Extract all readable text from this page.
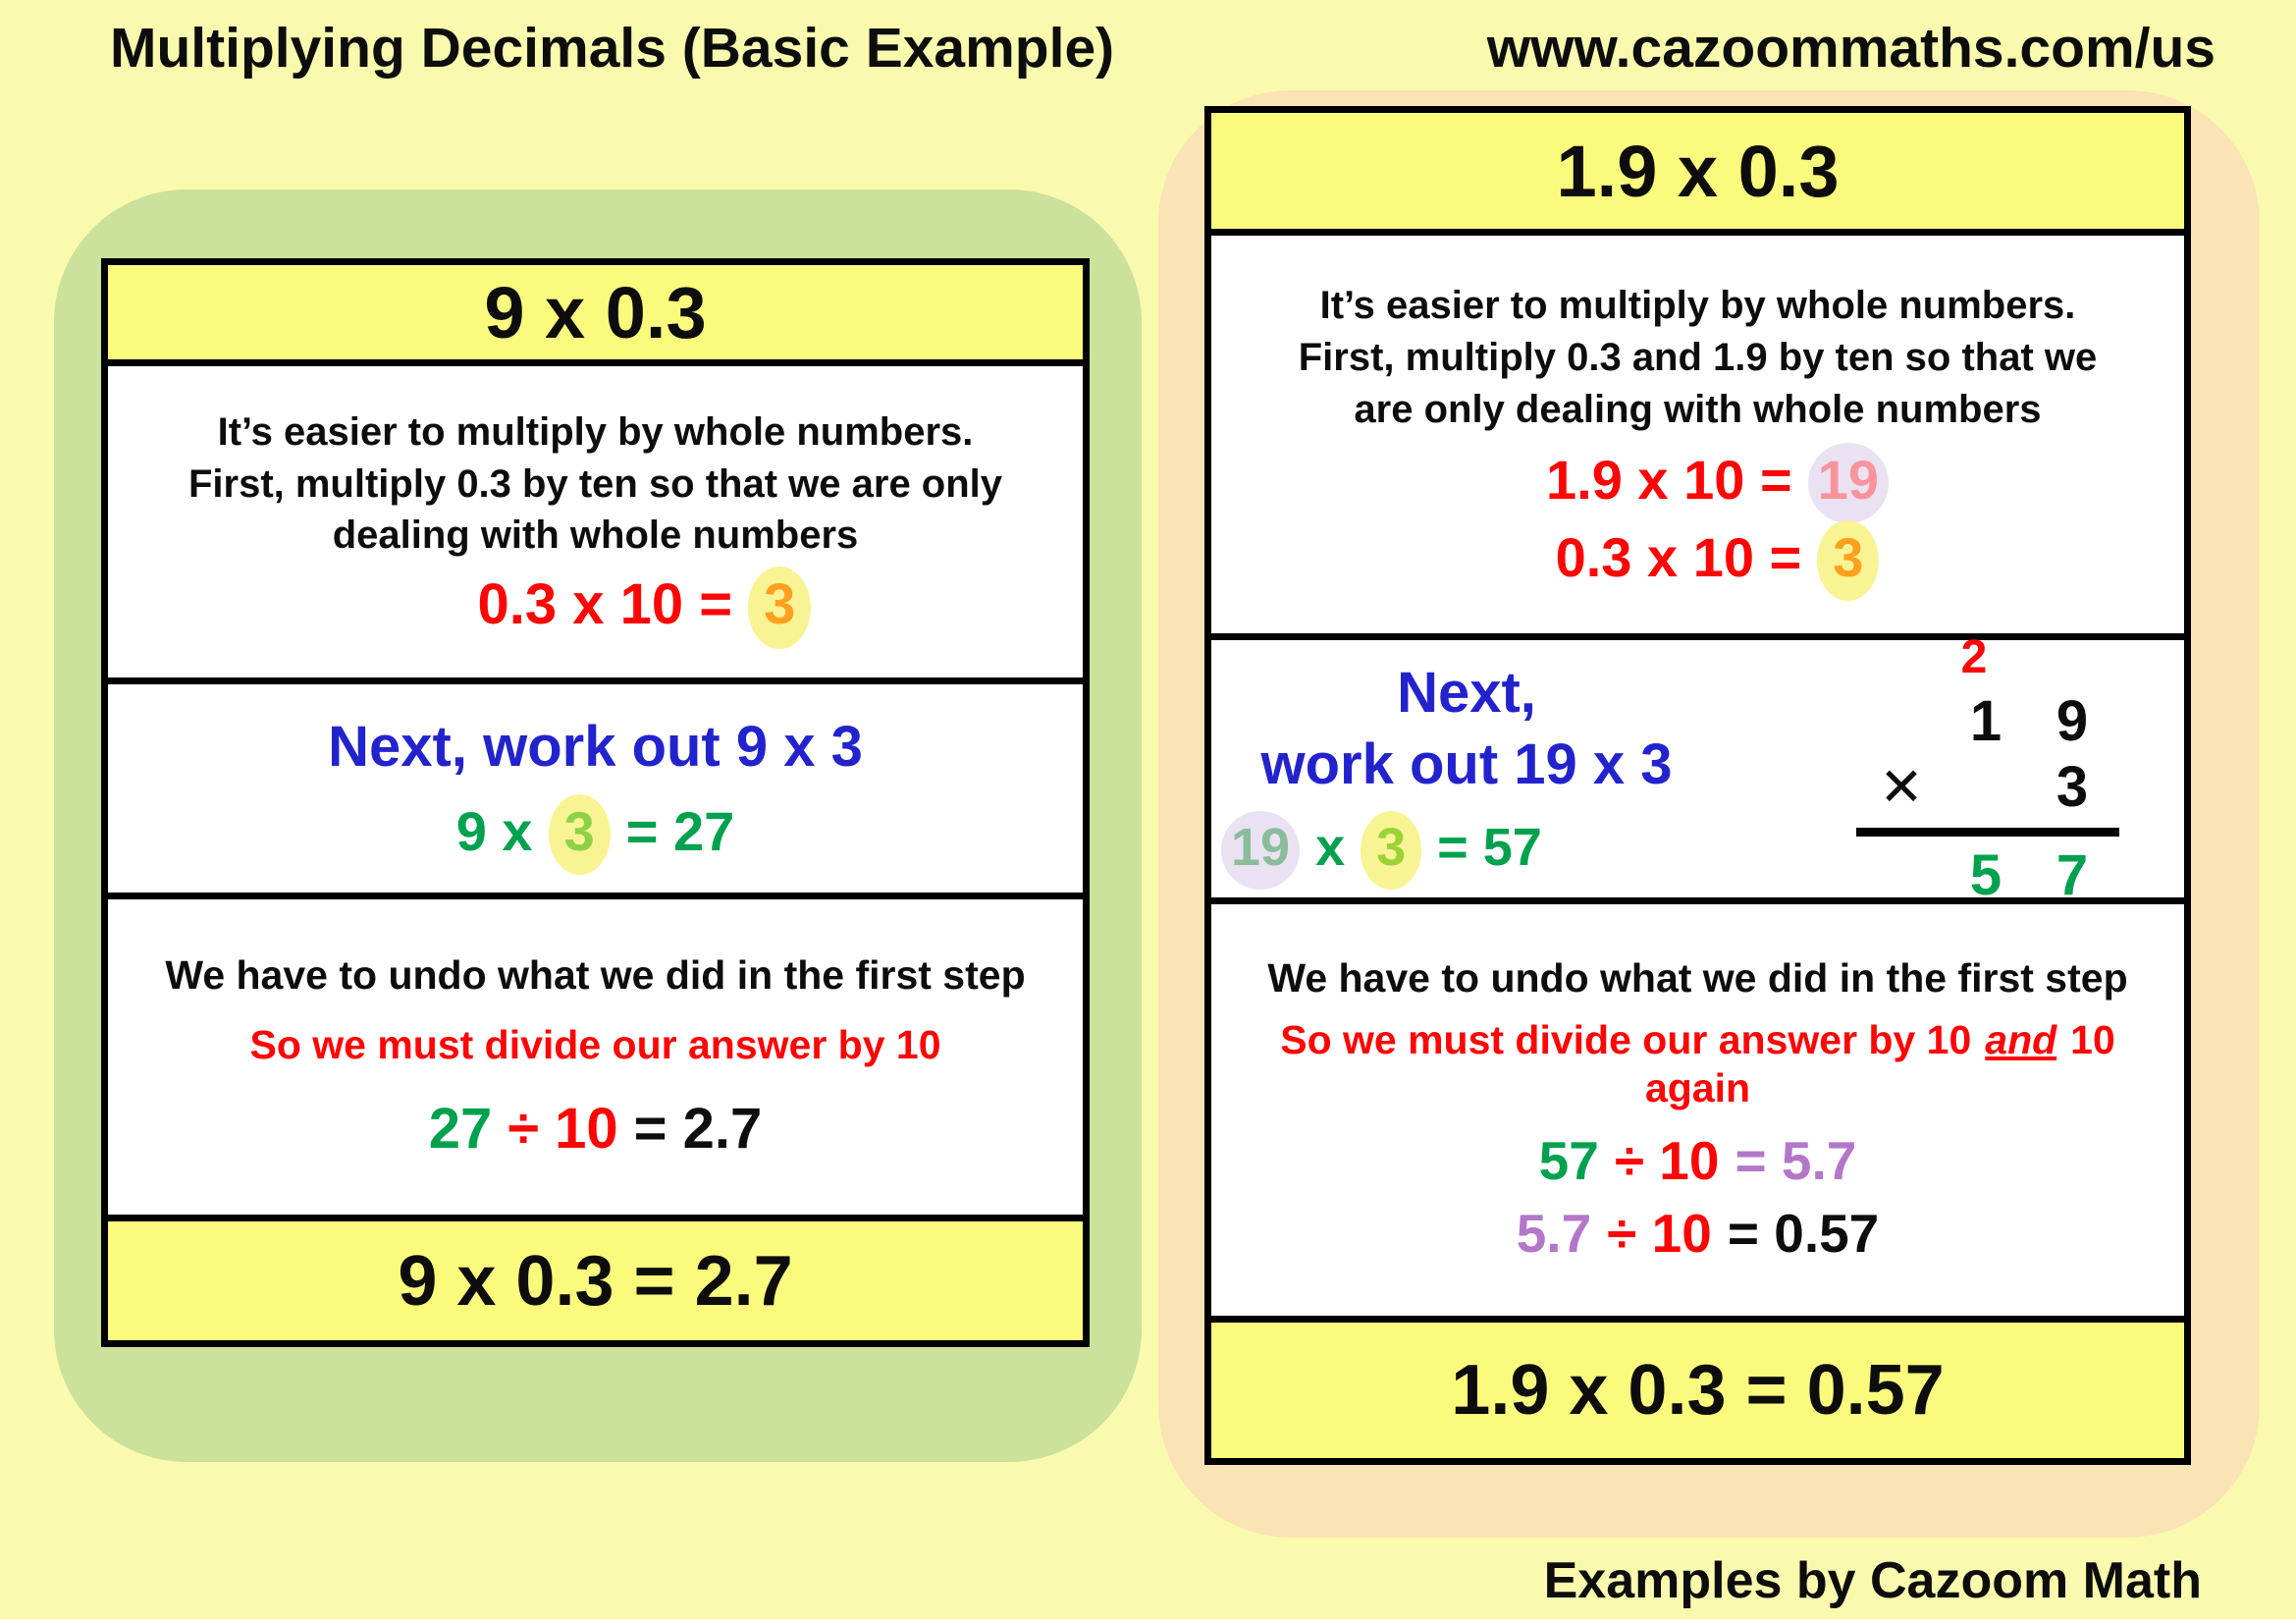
Multiplying Decimals (Basic Example)	www.cazoommaths.com/us
9 x 0.3
It’s easier to multiply by whole numbers.
First, multiply 0.3 by ten so that we are only
dealing with whole numbers
0.3 x 10 = 3
Next, work out 9 x 3
9 x 3 = 27
We have to undo what we did in the first step
So we must divide our answer by 10
27 ÷ 10 = 2.7
9 x 0.3 = 2.7
1.9 x 0.3
It’s easier to multiply by whole numbers.
First, multiply 0.3 and 1.9 by ten so that we
are only dealing with whole numbers
1.9 x 10 = 19
0.3 x 10 = 3
Next,
work out 19 x 3
19 x 3 = 57
2
1 9
✕ 3
5 7
We have to undo what we did in the first step
So we must divide our answer by 10 and 10
again
57 ÷ 10 = 5.7
5.7 ÷ 10 = 0.57
1.9 x 0.3 = 0.57
Examples by Cazoom Math
